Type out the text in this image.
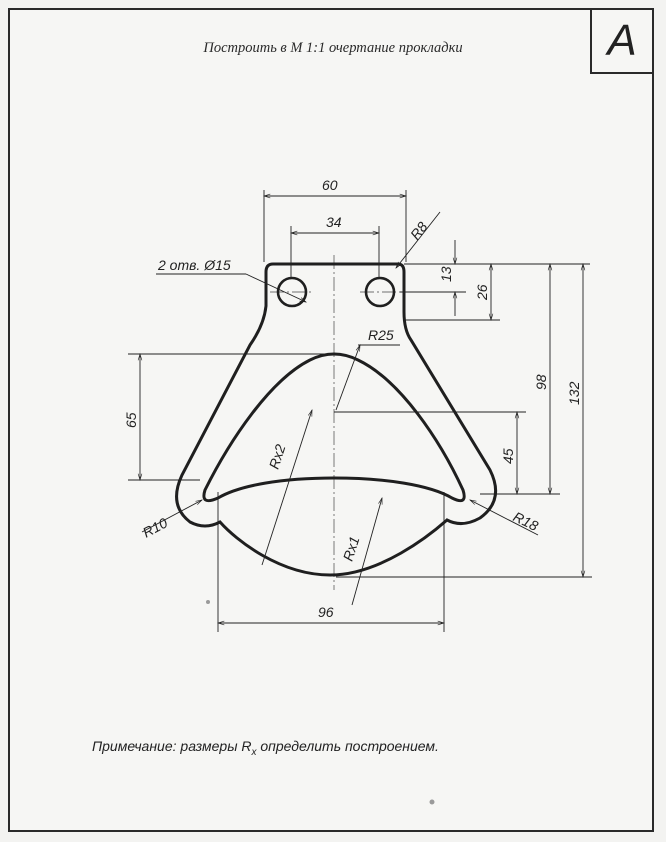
Построить в М 1:1 очертание прокладки	А
Примечание: размеры $R_x$ определить построением.
60
34	R8
2 отв. Ø15
13
26
98 132
65
R25
45
Rx2
Rx1
R10	R18
96
